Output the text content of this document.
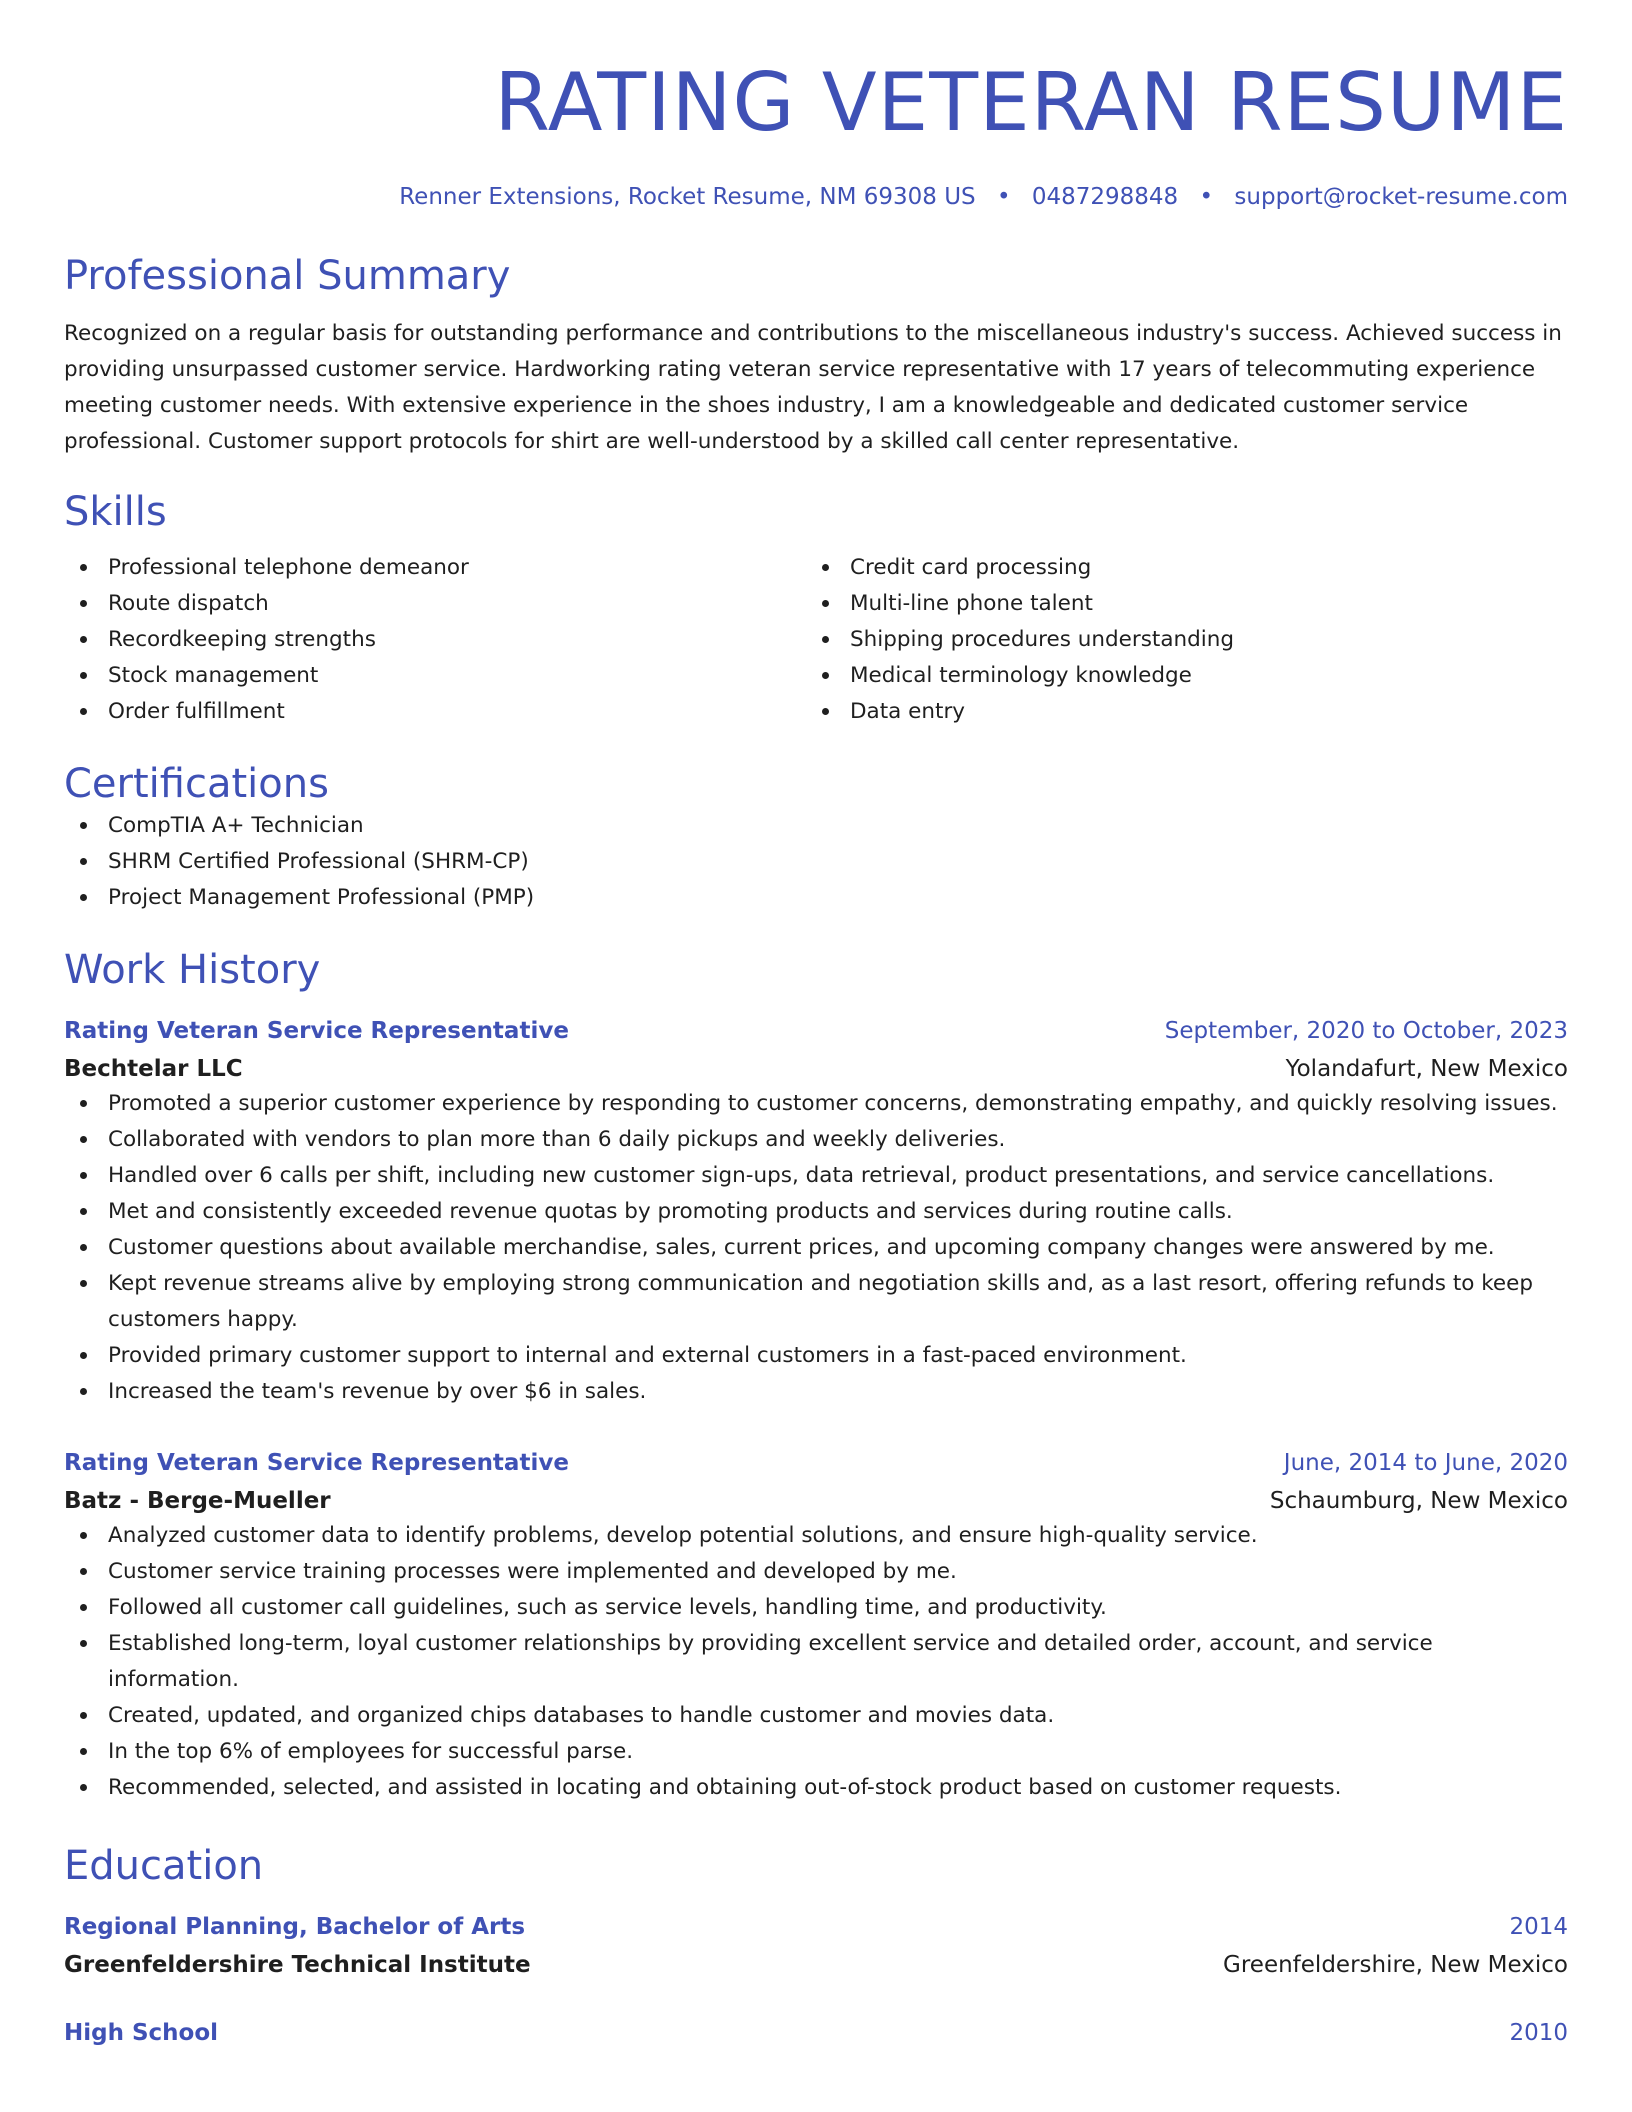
RATING VETERAN RESUME
Renner Extensions, Rocket Resume, NM 69308 US • 0487298848 • support@rocket-resume.com
Professional Summary

Recognized on a regular basis for outstanding performance and contributions to the miscellaneous industry's success. Achieved success in providing unsurpassed customer service. Hardworking rating veteran service representative with 17 years of telecommuting experience meeting customer needs. With extensive experience in the shoes industry, I am a knowledgeable and dedicated customer service professional. Customer support protocols for shirt are well-understood by a skilled call center representative.

Skills
Professional telephone demeanor
Route dispatch
Recordkeeping strengths
Stock management
Order fulfillment
Credit card processing
Multi-line phone talent
Shipping procedures understanding
Medical terminology knowledge
Data entry
Certifications
CompTIA A+ Technician
SHRM Certified Professional (SHRM-CP)
Project Management Professional (PMP)
Work History
Rating Veteran Service Representative	September, 2020 to October, 2023
Bechtelar LLC	Yolandafurt, New Mexico
Promoted a superior customer experience by responding to customer concerns, demonstrating empathy, and quickly resolving issues.
Collaborated with vendors to plan more than 6 daily pickups and weekly deliveries.
Handled over 6 calls per shift, including new customer sign-ups, data retrieval, product presentations, and service cancellations.
Met and consistently exceeded revenue quotas by promoting products and services during routine calls.
Customer questions about available merchandise, sales, current prices, and upcoming company changes were answered by me.
Kept revenue streams alive by employing strong communication and negotiation skills and, as a last resort, offering refunds to keep customers happy.
Provided primary customer support to internal and external customers in a fast-paced environment.
Increased the team's revenue by over $6 in sales.
Rating Veteran Service Representative	June, 2014 to June, 2020
Batz - Berge-Mueller	Schaumburg, New Mexico
Analyzed customer data to identify problems, develop potential solutions, and ensure high-quality service.
Customer service training processes were implemented and developed by me.
Followed all customer call guidelines, such as service levels, handling time, and productivity.
Established long-term, loyal customer relationships by providing excellent service and detailed order, account, and service information.
Created, updated, and organized chips databases to handle customer and movies data.
In the top 6% of employees for successful parse.
Recommended, selected, and assisted in locating and obtaining out-of-stock product based on customer requests.
Education
Regional Planning, Bachelor of Arts	2014
Greenfeldershire Technical Institute	Greenfeldershire, New Mexico
High School	2010
